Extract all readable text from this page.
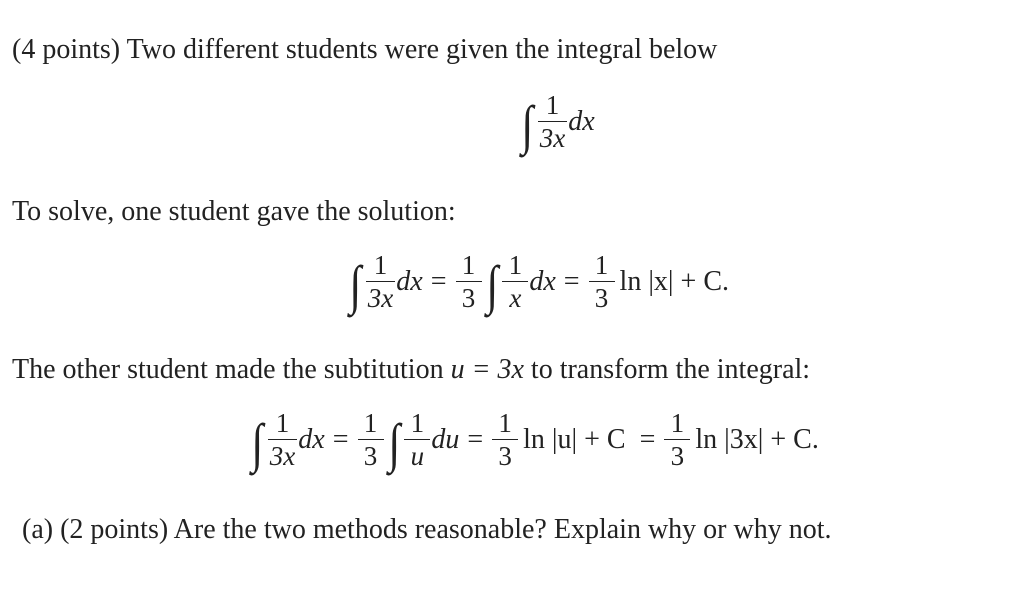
(4 points) Two different students were given the integral below
∫ $\frac{1}{3x}$ dx
To solve, one student gave the solution:
∫ $\frac{1}{3x}$ dx = $\frac{1}{3}$ ∫ $\frac{1}{x}$ dx = $\frac{1}{3}$ ln |x| + C.
The other student made the subtitution u = 3x to transform the integral:
∫ $\frac{1}{3x}$ dx = $\frac{1}{3}$ ∫ $\frac{1}{u}$ du = $\frac{1}{3}$ $\ln |u| + C = \frac{1}{3}$ ln |3x| + C.
(a) (2 points) Are the two methods reasonable? Explain why or why not.
